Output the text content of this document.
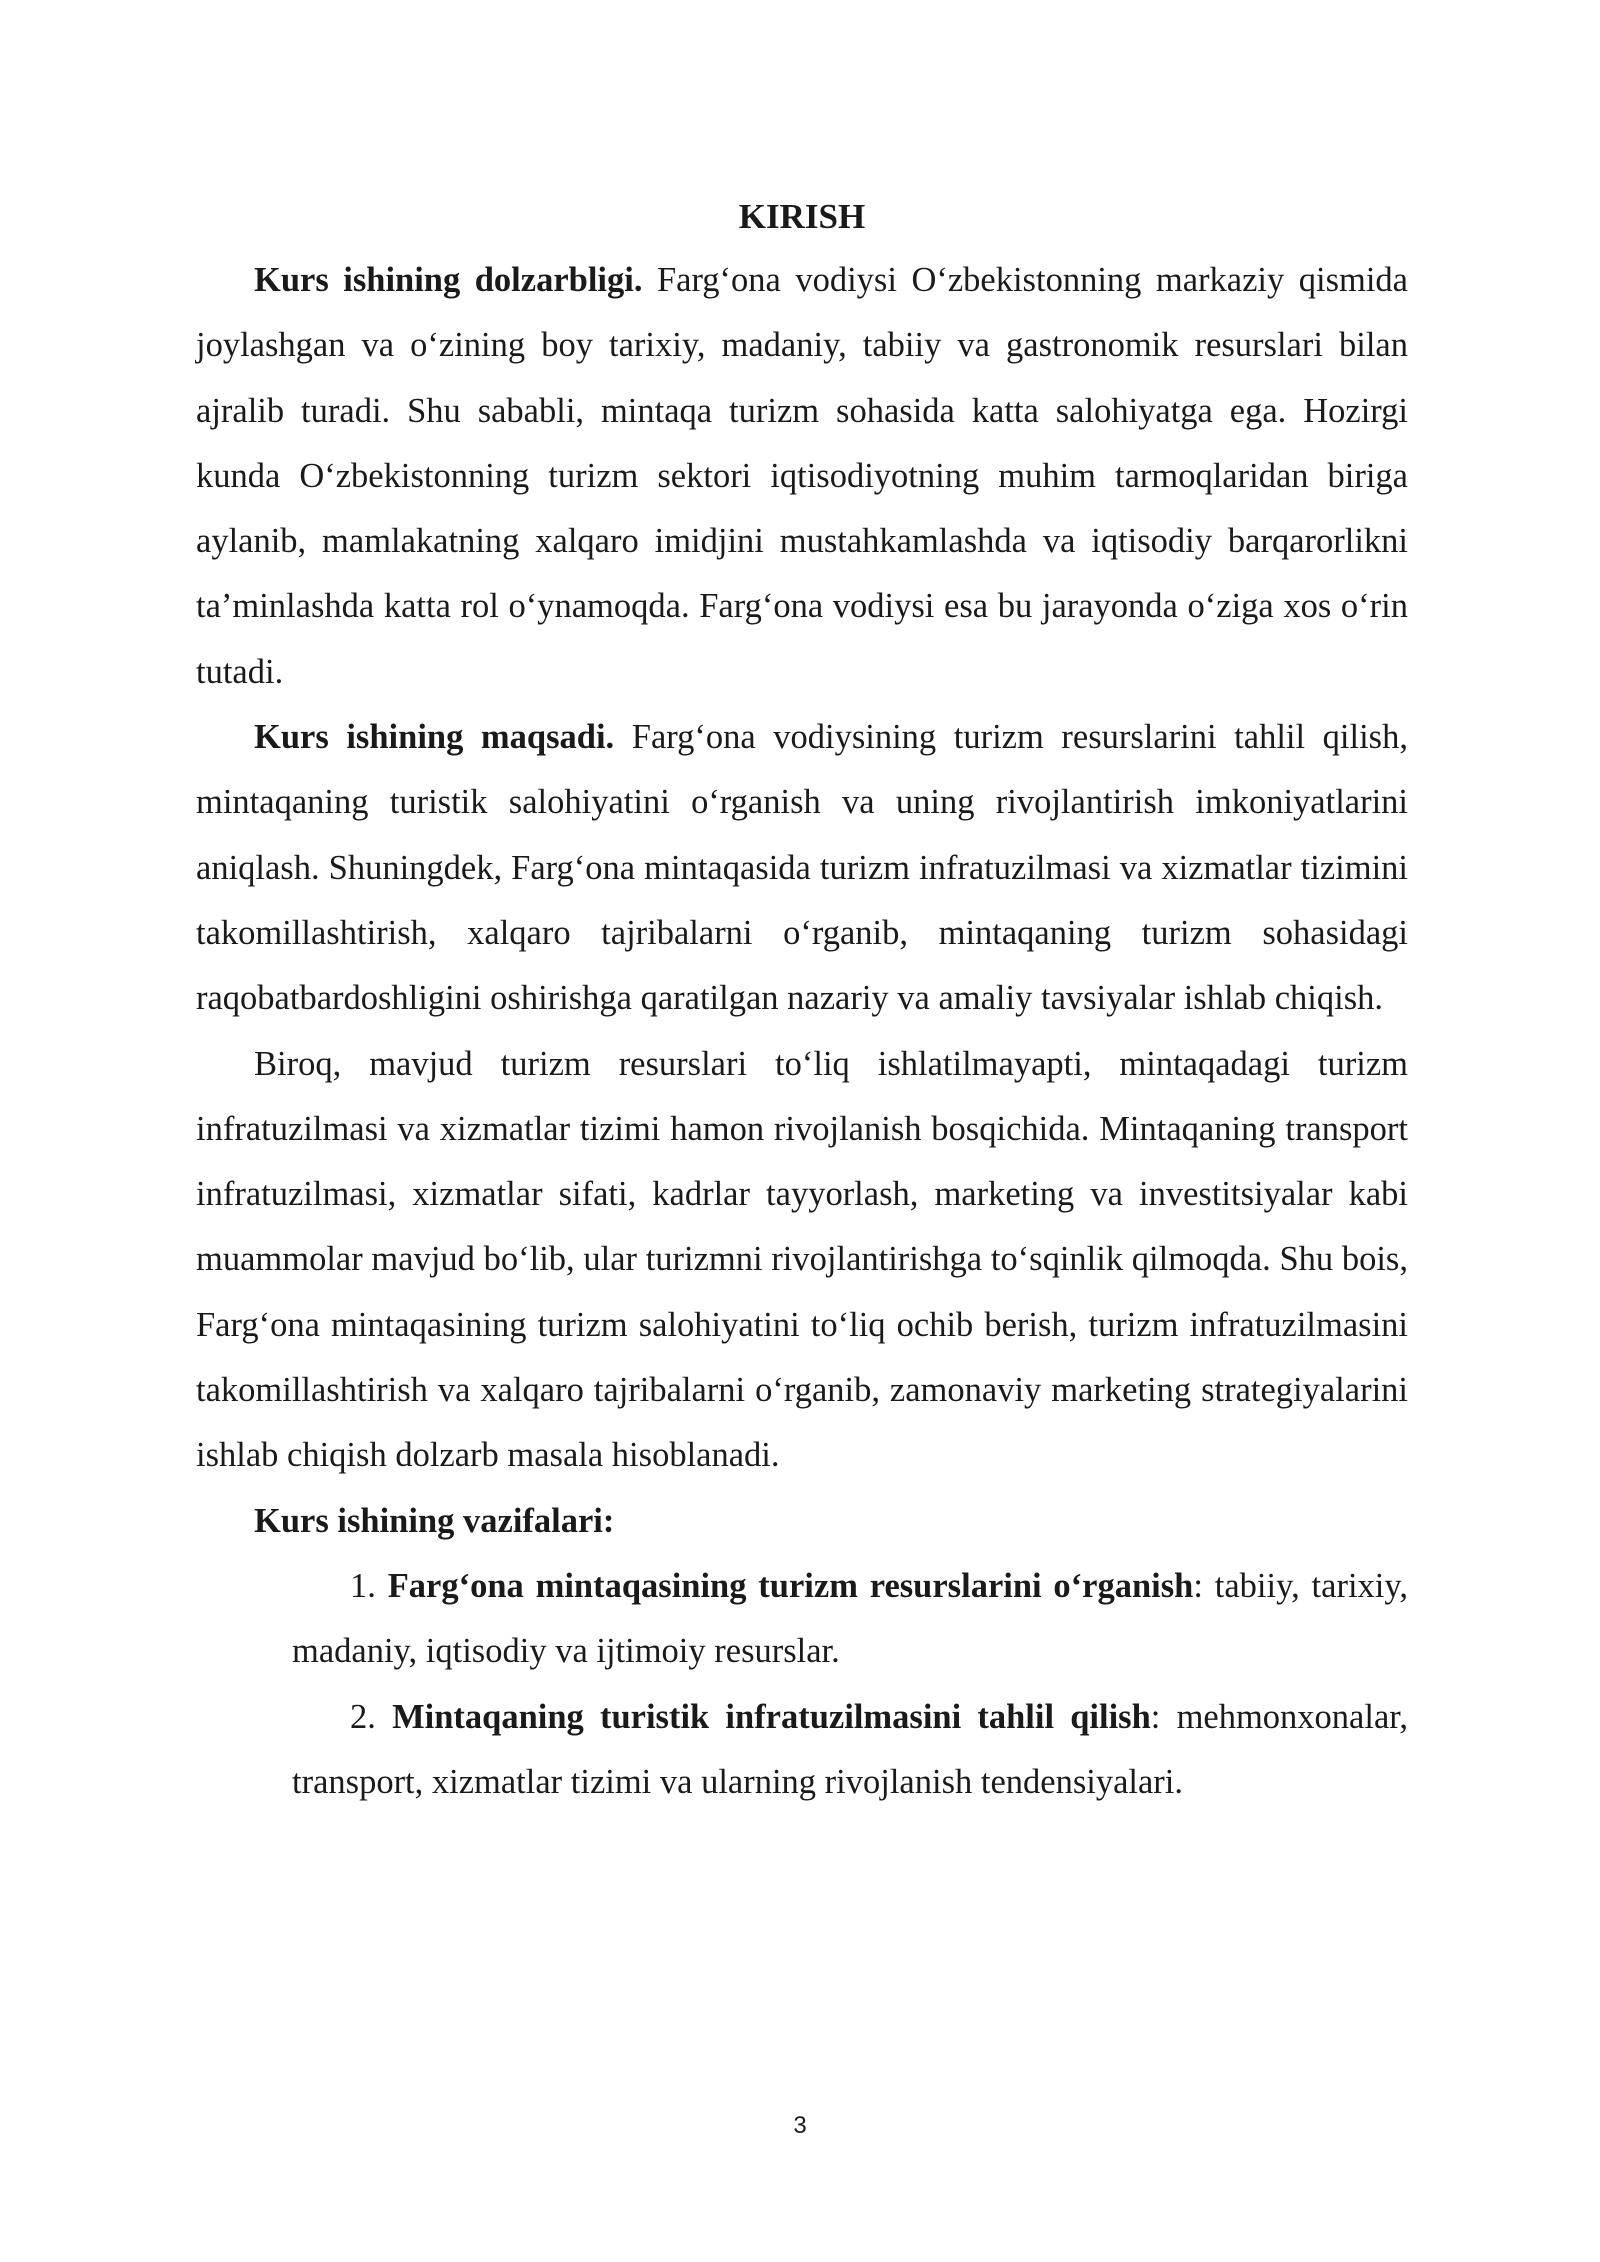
KIRISH

Kurs ishining dolzarbligi. Farg‘ona vodiysi O‘zbekistonning markaziy qismida joylashgan va o‘zining boy tarixiy, madaniy, tabiiy va gastronomik resurslari bilan ajralib turadi. Shu sababli, mintaqa turizm sohasida katta salohiyatga ega. Hozirgi kunda O‘zbekistonning turizm sektori iqtisodiyotning muhim tarmoqlaridan biriga aylanib, mamlakatning xalqaro imidjini mustahkamlashda va iqtisodiy barqarorlikni ta’minlashda katta rol o‘ynamoqda. Farg‘ona vodiysi esa bu jarayonda o‘ziga xos o‘rin tutadi.

Kurs ishining maqsadi. Farg‘ona vodiysining turizm resurslarini tahlil qilish, mintaqaning turistik salohiyatini o‘rganish va uning rivojlantirish imkoniyatlarini aniqlash. Shuningdek, Farg‘ona mintaqasida turizm infratuzilmasi va xizmatlar tizimini takomillashtirish, xalqaro tajribalarni o‘rganib, mintaqaning turizm sohasidagi raqobatbardoshligini oshirishga qaratilgan nazariy va amaliy tavsiyalar ishlab chiqish.

Biroq, mavjud turizm resurslari to‘liq ishlatilmayapti, mintaqadagi turizm infratuzilmasi va xizmatlar tizimi hamon rivojlanish bosqichida. Mintaqaning transport infratuzilmasi, xizmatlar sifati, kadrlar tayyorlash, marketing va investitsiyalar kabi muammolar mavjud bo‘lib, ular turizmni rivojlantirishga to‘sqinlik qilmoqda. Shu bois, Farg‘ona mintaqasining turizm salohiyatini to‘liq ochib berish, turizm infratuzilmasini takomillashtirish va xalqaro tajribalarni o‘rganib, zamonaviy marketing strategiyalarini ishlab chiqish dolzarb masala hisoblanadi.

Kurs ishining vazifalari:

1. Farg‘ona mintaqasining turizm resurslarini o‘rganish: tabiiy, tarixiy, madaniy, iqtisodiy va ijtimoiy resurslar.
2. Mintaqaning turistik infratuzilmasini tahlil qilish: mehmonxonalar, transport, xizmatlar tizimi va ularning rivojlanish tendensiyalari.
3
